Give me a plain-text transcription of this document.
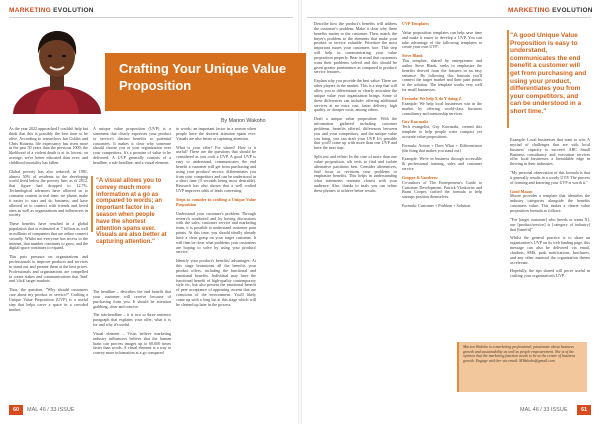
MARKETING EVOLUTION	MARKETING EVOLUTION
Crafting Your Unique Value Proposition
By Marion Wakoho

As the year 2022 approached I couldn't help but think that this is possibly the best time to be alive. According to researchers Ian Goldin and Chris Kutarna, life expectancy has risen more in the past 50 years than the previous 1000; the likelihood of a violent death is at its lowest; on average, we're better educated than ever; and childhood mortality has fallen.

Global poverty has also reduced; in 1981, almost 50% of residents in the developing world lived below the poverty line; as of 2012, that figure had dropped to 12.7%. Technological advances have allowed us to consume content in real time; we phone, make it easier to start and do business; and have allowed us to connect with friends and loved ones as well as organizations and influencers in society.

These benefits have resulted in a global population that is estimated at 7 billion as well as millions of companies that are online connect virtually. Whilst not everyone has access to the internet, that number continues to grow, and the digital space continues to expand.

This puts pressure on organizations and professionals to improve products and services to stand out and present them at the best prices. Professionals and organizations are compelled to create stakes and communications that 'lead' and 'click' target markets.

Thus, the question, "Why should customers care about my product or service?" Crafting a Unique Value Proposition (UVP) is a useful step that helps carve a space in a crowded market.

A unique value proposition (UVP) is a statement that clearly expresses your product or service's distinct benefits to potential customers. It makes it clear why someone should choose you or your organization over your competitors. It's a promise of value to be delivered. A UVP generally consists of a headline, a sub-headline, and a visual element.

"A visual allows you to convey much more information at a go as compared to words; an important factor in a season when people have the shortest attention spans ever. Visuals are also better at capturing attention."

The headline – describes the end benefit that your customer will receive because of purchasing from you. It should be attention grabbing, clear and concise.

The sub-headline – it is two to three sentence paragraph that explains your offer, what it is for and why it's useful.

Visual element – Visits believe marketing industry influencers believe that the human brain can process images up to 60,000 times faster than words. A visual element is a way to convey more information at a go compared

to words; an important factor in a season when people have the shortest attention spans ever. Visuals are also better at capturing attention.

What is your offer? For whom? How is it useful? These are the questions that should be considered as you craft a UVP. A good UVP is easy to understand, communicates the end benefit a customer will get from purchasing and using your product/ service, differentiates you from your competitors and can be understood in a short time (5 seconds being most desirable). Research has also shown that a well crafted UVP improves odds of leads converting.

Steps to consider in crafting a Unique Value Proposition

Understand your customer's problem: Through research conducted and by having discussions with the sales, customer service and marketing team, it is possible to understand customer pain points. At this time, you should ideally already have a clear grasp on your target customer. It will then be clear what problems your customers are hoping to solve by using your product/ service.

Identify your product's benefits/ advantages: At this stage brainstorm all the benefits your product offers, including the functional and emotional benefits. Individual may have the functional benefit of high-quality contemporary style etc, but also present the emotional benefit of peer acceptance of appearing current that are conscious of the environment. You'll likely come up with a long list at this stage which will be cleaned up later in the process.

Describe how the product's benefits will address the customer's problem: Make it clear why these benefits matter to the customer. Then, match the buyer's problem to the elements that make your product or service valuable. Prioritize the most important issues your customers face. This step will help in communicating your value proposition properly. Bear in mind that customers want their problems solved and this should be given greater prominence as compared to product/ service features.

Explain why you provide the best value: There are other players in the market. This is a step that will allow you to differentiate or clearly articulate the unique value your organization brings. Some of these differences can include: offering additional services at no extra cost, faster delivery, high quality, or cheaper costs, among others.

Draft a unique value proposition: With the information gathered including customer problems, benefits offered, differences between you and your competitors, and the unique value you bring, you can draft your UVP. It's possible that you'll come up with more than one UVP and have the next step.

Split test and refine: In the case of more than one value proposition, a/b tests to find and isolate alternative partitions best. Consider alternatives, find focus or revisions your problems or emphasize benefits. This helps in understanding what statements resonate closest with your audience. Also, thanks to trials you can refine these phrases to achieve better results.

UVP Templates

Value proposition templates can help save time and make it easier to develop a UVP. You can take advantage of the following templates to create your own UVP:

Steve Blank

This template, shared by entrepreneur and author Steve Blank, seeks to emphasize the benefits derived from the features in an easy sentence. By following this formula you'll connect the target market and their pain points to the solution. The template works very well for small businesses.

Formula: We help X do Y doing Z.

Example: We help local businesses win in the market by offering world-class business consultancy and mentorship services.

Guy Kawasaki

Tech evangelist, Guy Kawasaki, created this template to help people write compact yet accurate value propositions.

Formula: Action + Does What + Differentiator (the thing that makes you stand out)

Example: We're in business through accessible & professional training, sales and customer service

Geoppe & Vandersu

Co-authors of The Entrepreneur's Guide to Customer Development, Patrick Vlaskovits and Brant Cooper, crafted the formula to help startups position themselves.

Formula: Customer + Problem + Solution

"A good Unique Value Proposition is easy to understand, communicates the end benefit a customer will get from purchasing and using your product, differentiates you from your competitors, and can be understood in a short time."

Example: Local businesses that want to win; A myriad of challenges that are with local business' capacity to succeed. ABC Small Business consultancy and execution services offer local businesses a formidable edge in thriving in their industries.

"My personal observation of this formula is that it generally results in a wordy UVP. The process of forming and knowing your UVP is worth it."

Good Mason

Moore provides a template that identifies the industry categories alongside the benefits customers value. This makes a clearer value proposition formula as follows:

"For [target customer] who [needs or wants X], our [product/service] is [category of industry] that [benefit]"

Whilst the general practice is to share an organization's UVP on its web landing page, this message can also be delivered via email, chatbots, SMS, push notifications, brochures, and any other material the organization deems as relevant.

Hopefully, the tips shared will prove useful in crafting your organization's UVP.

Marion Wakoho is a marketing professional, passionate about business growth and sustainability as well as people empowerment. She is of the opinion that the marketing function needs to be at the center of business growth. Engage with her via email: MWakoho@gmail.com

60	MAL 46 / 33 ISSUE	MAL 46 / 33 ISSUE	61
